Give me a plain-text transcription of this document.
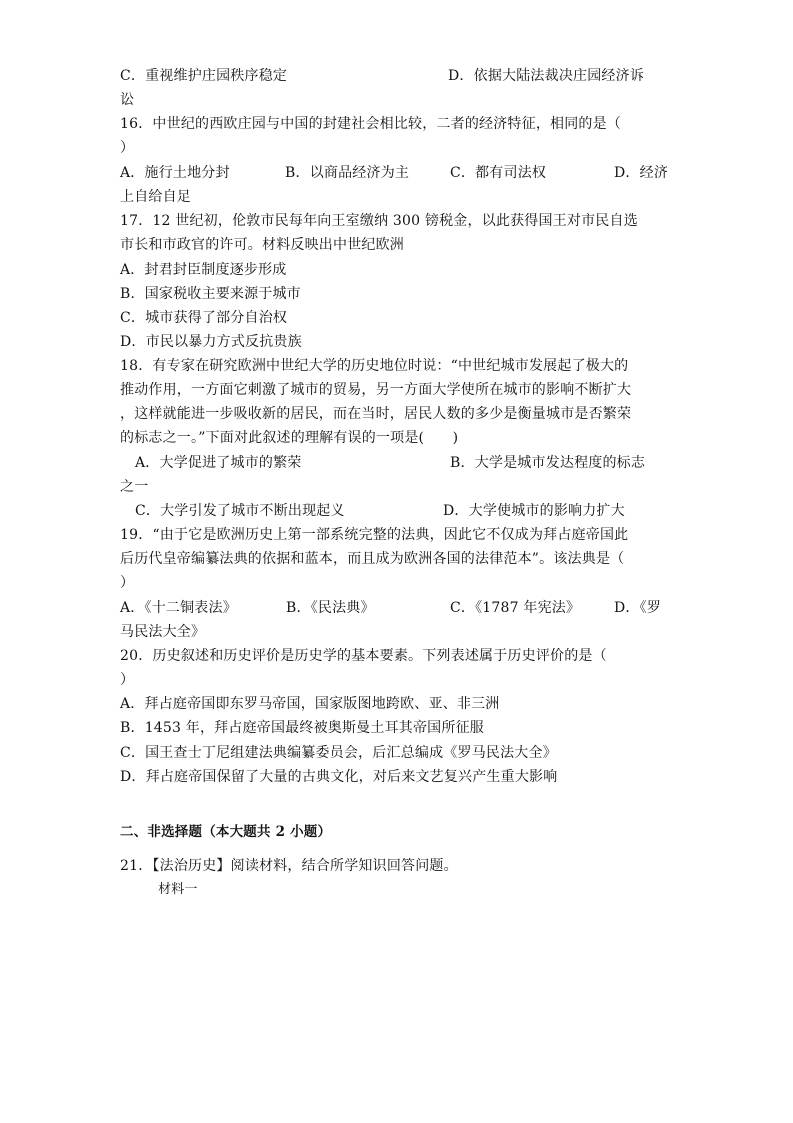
C．重视维护庄园秩序稳定	D．依据大陆法裁决庄园经济诉
讼
16．中世纪的西欧庄园与中国的封建社会相比较，二者的经济特征，相同的是（
）
A．施行土地分封	B．以商品经济为主	C．都有司法权	D．经济
上自给自足
17．12 世纪初，伦敦市民每年向王室缴纳 300 镑税金，以此获得国王对市民自选
市长和市政官的许可。材料反映出中世纪欧洲
A．封君封臣制度逐步形成
B．国家税收主要来源于城市
C．城市获得了部分自治权
D．市民以暴力方式反抗贵族
18．有专家在研究欧洲中世纪大学的历史地位时说：“中世纪城市发展起了极大的
推动作用，一方面它刺激了城市的贸易，另一方面大学使所在城市的影响不断扩大
，这样就能进一步吸收新的居民，而在当时，居民人数的多少是衡量城市是否繁荣
的标志之一。”下面对此叙述的理解有误的一项是(　　)
A．大学促进了城市的繁荣	B．大学是城市发达程度的标志
之一
C．大学引发了城市不断出现起义	D．大学使城市的影响力扩大
19．“由于它是欧洲历史上第一部系统完整的法典，因此它不仅成为拜占庭帝国此
后历代皇帝编纂法典的依据和蓝本，而且成为欧洲各国的法律范本”。该法典是（
）
A．《十二铜表法》	B．《民法典》	C．《1787 年宪法》 D．《罗
马民法大全》
20．历史叙述和历史评价是历史学的基本要素。下列表述属于历史评价的是（
）
A．拜占庭帝国即东罗马帝国，国家版图地跨欧、亚、非三洲
B．1453 年，拜占庭帝国最终被奥斯曼土耳其帝国所征服
C．国王查士丁尼组建法典编纂委员会，后汇总编成《罗马民法大全》
D．拜占庭帝国保留了大量的古典文化，对后来文艺复兴产生重大影响
二、非选择题（本大题共 2 小题）
21．【法治历史】阅读材料，结合所学知识回答问题。
材料一
